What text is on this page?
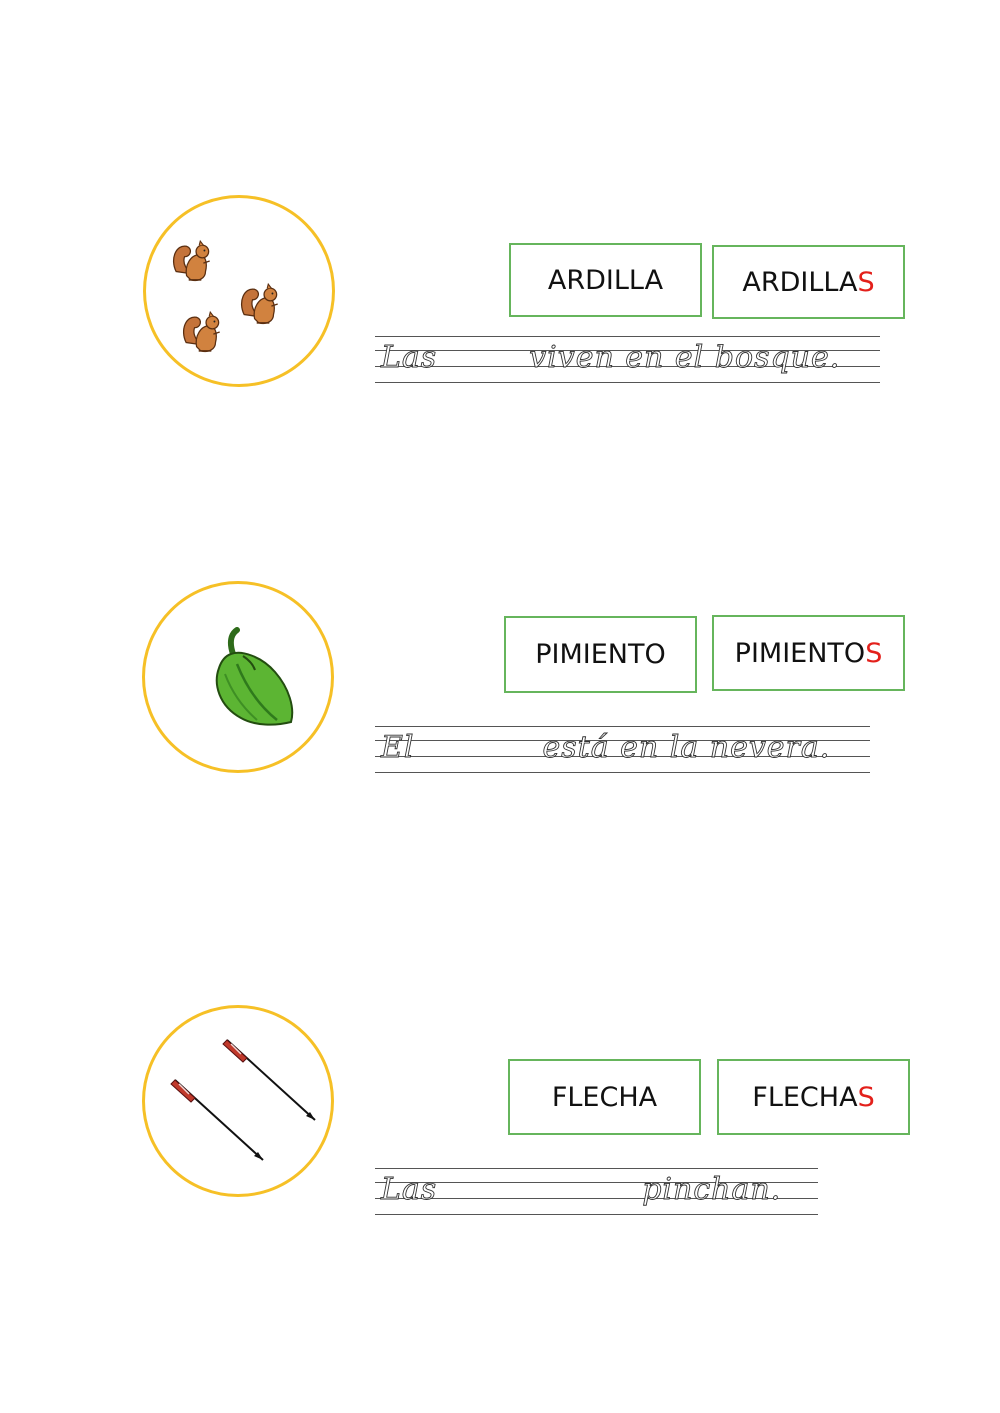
ARDILLA	ARDILLA S
Las	viven en el bosque.
PIMIENTO	PIMIENTO S
El	está en la nevera.
FLECHA	FLECHA S
Las	pinchan.
